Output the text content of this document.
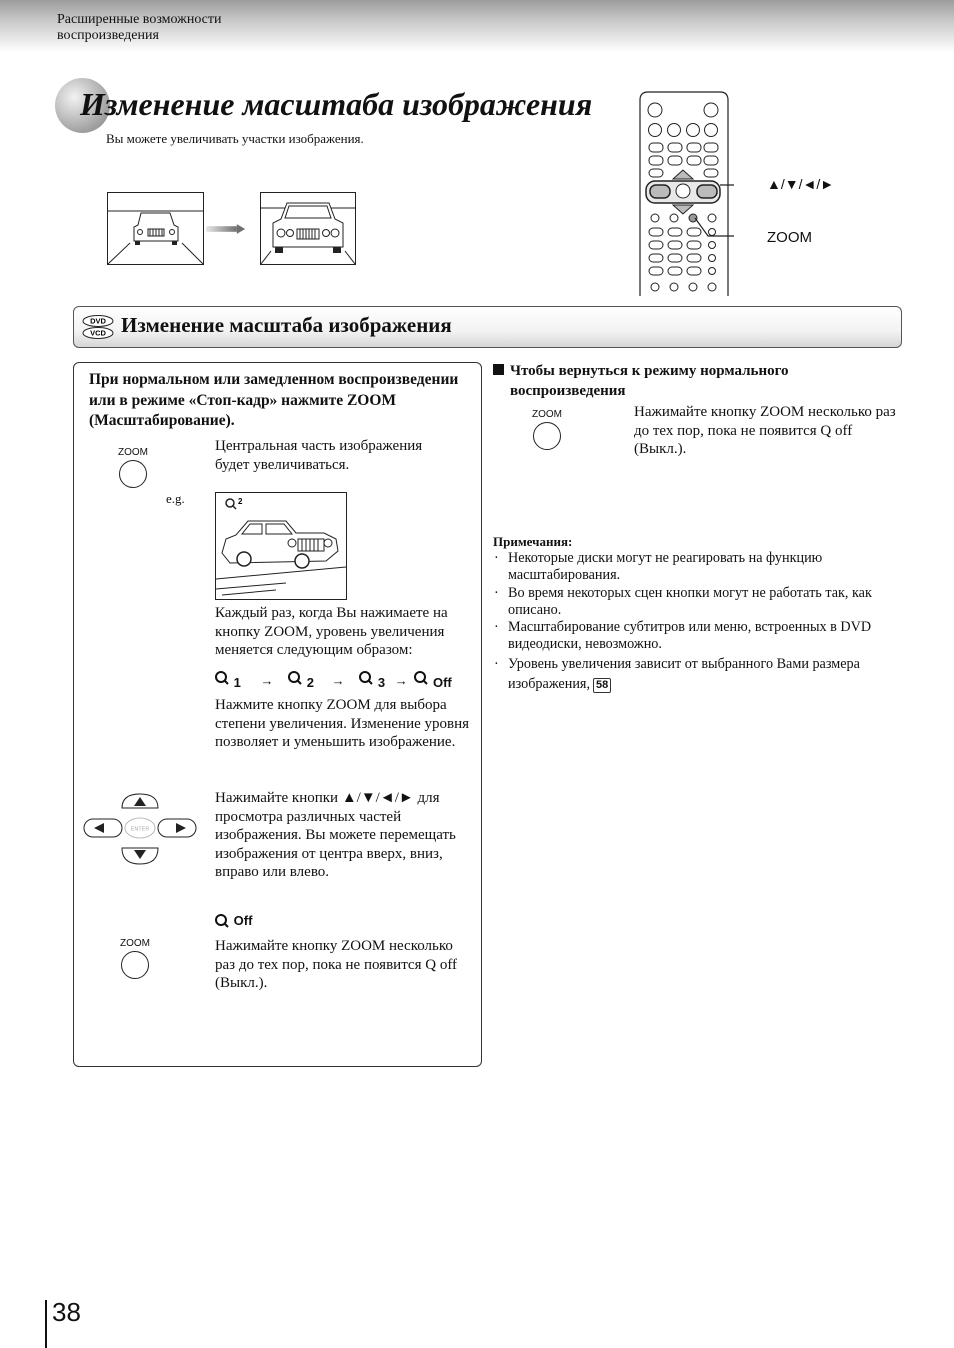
Расширенные возможности
воспроизведения
Изменение масштаба изображения
Вы можете увеличивать участки изображения.
▲/▼/◄/►
ZOOM
DVD
VCD Изменение масштаба изображения
При нормальном или замедленном воспроизведении или в режиме «Стоп-кадр» нажмите ZOOM (Масштабирование).
ZOOM	Центральная часть изображения будет увеличиваться.
e.g.	2
Каждый раз, когда Вы нажимаете на кнопку ZOOM, уровень увеличения меняется следующим образом:
1 →	2 →	3 → Off
Нажмите кнопку ZOOM для выбора степени увеличения. Изменение уровня позволяет и уменьшить изображение.
ENTER
Нажимайте кнопки ▲/▼/◄/► для просмотра различных частей изображения. Вы можете перемещать изображения от центра вверх, вниз, вправо или влево.
Off
ZOOM	Нажимайте кнопку ZOOM несколько раз до тех пор, пока не появится Q off (Выкл.).
Чтобы вернуться к режиму нормального воспроизведения
ZOOM	Нажимайте кнопку ZOOM несколько раз до тех пор, пока не появится Q off (Выкл.).
Примечания:
· Некоторые диски могут не реагировать на функцию масштабирования.
· Во время некоторых сцен кнопки могут не работать так, как описано.
· Масштабирование субтитров или меню, встроенных в DVD видеодиски, невозможно.
· Уровень увеличения зависит от выбранного Вами размера изображения, 58
38
